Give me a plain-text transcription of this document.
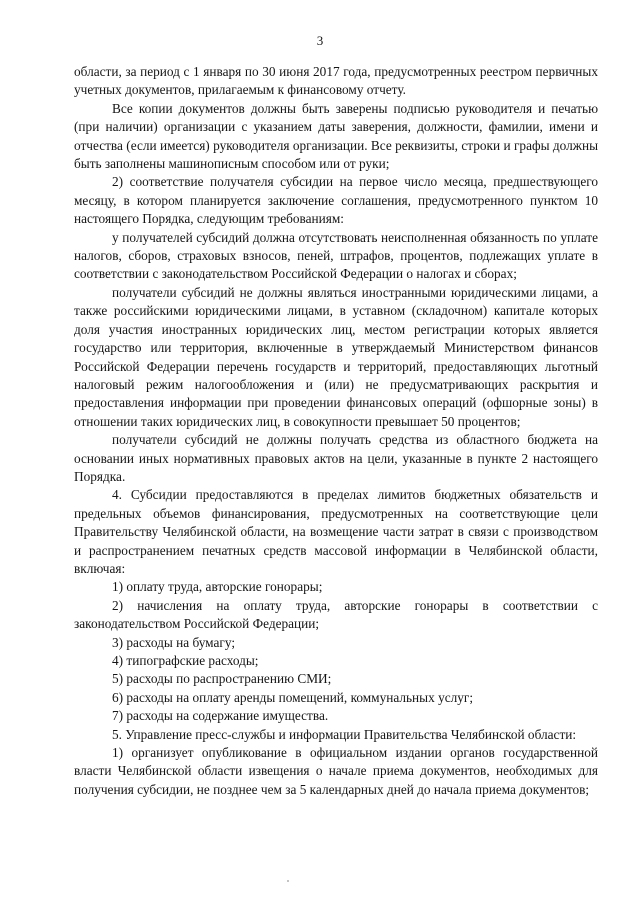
3

области, за период с 1 января по 30 июня 2017 года, предусмотренных реестром первичных учетных документов, прилагаемым к финансовому отчету.

Все копии документов должны быть заверены подписью руководителя и печатью (при наличии) организации с указанием даты заверения, должности, фамилии, имени и отчества (если имеется) руководителя организации. Все реквизиты, строки и графы должны быть заполнены машинописным способом или от руки;

2) соответствие получателя субсидии на первое число месяца, предшествующего месяцу, в котором планируется заключение соглашения, предусмотренного пунктом 10 настоящего Порядка, следующим требованиям:

у получателей субсидий должна отсутствовать неисполненная обязанность по уплате налогов, сборов, страховых взносов, пеней, штрафов, процентов, подлежащих уплате в соответствии с законодательством Российской Федерации о налогах и сборах;

получатели субсидий не должны являться иностранными юридическими лицами, а также российскими юридическими лицами, в уставном (складочном) капитале которых доля участия иностранных юридических лиц, местом регистрации которых является государство или территория, включенные в утверждаемый Министерством финансов Российской Федерации перечень государств и территорий, предоставляющих льготный налоговый режим налогообложения и (или) не предусматривающих раскрытия и предоставления информации при проведении финансовых операций (офшорные зоны) в отношении таких юридических лиц, в совокупности превышает 50 процентов;

получатели субсидий не должны получать средства из областного бюджета на основании иных нормативных правовых актов на цели, указанные в пункте 2 настоящего Порядка.

4. Субсидии предоставляются в пределах лимитов бюджетных обязательств и предельных объемов финансирования, предусмотренных на соответствующие цели Правительству Челябинской области, на возмещение части затрат в связи с производством и распространением печатных средств массовой информации в Челябинской области, включая:

1) оплату труда, авторские гонорары;

2) начисления на оплату труда, авторские гонорары в соответствии с законодательством Российской Федерации;

3) расходы на бумагу;

4) типографские расходы;

5) расходы по распространению СМИ;

6) расходы на оплату аренды помещений, коммунальных услуг;

7) расходы на содержание имущества.

5. Управление пресс-службы и информации Правительства Челябинской области:

1) организует опубликование в официальном издании органов государственной власти Челябинской области извещения о начале приема документов, необходимых для получения субсидии, не позднее чем за 5 календарных дней до начала приема документов;
